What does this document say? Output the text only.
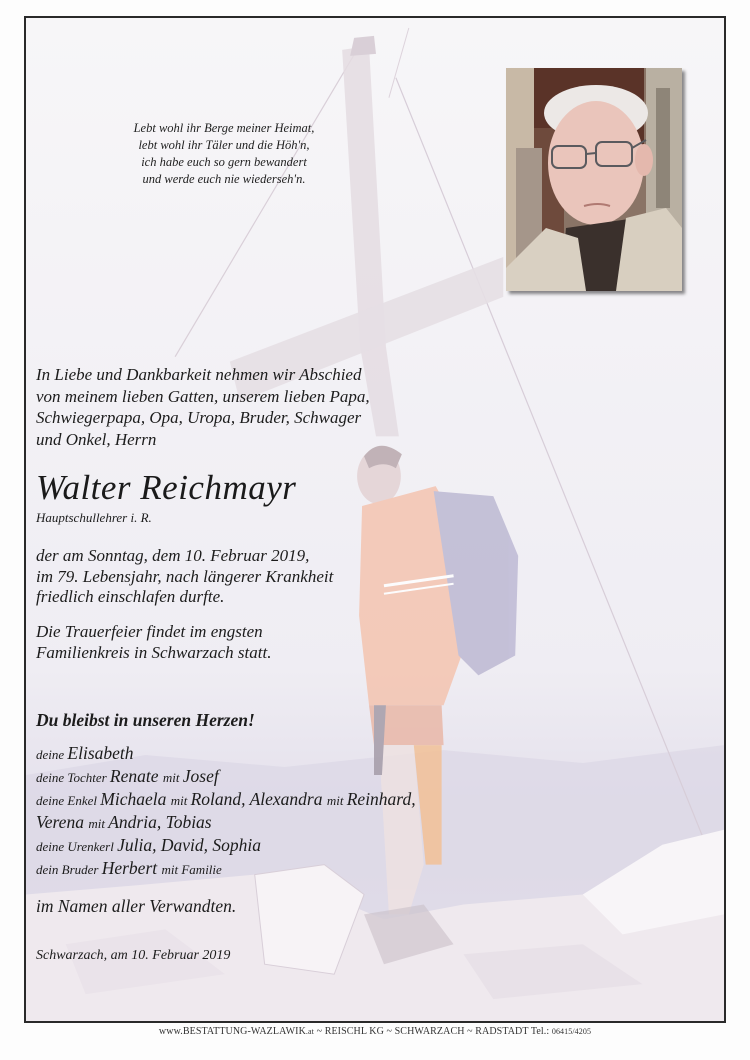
Lebt wohl ihr Berge meiner Heimat,
lebt wohl ihr Täler und die Höh'n,
ich habe euch so gern bewandert
und werde euch nie wiederseh'n.
In Liebe und Dankbarkeit nehmen wir Abschied
von meinem lieben Gatten, unserem lieben Papa,
Schwiegerpapa, Opa, Uropa, Bruder, Schwager
und Onkel, Herrn
Walter Reichmayr
Hauptschullehrer i. R.
der am Sonntag, dem 10. Februar 2019,
im 79. Lebensjahr, nach längerer Krankheit
friedlich einschlafen durfte.
Die Trauerfeier findet im engsten
Familienkreis in Schwarzach statt.
Du bleibst in unseren Herzen!
deine Elisabeth
deine Tochter Renate mit Josef
deine Enkel Michaela mit Roland, Alexandra mit Reinhard,
Verena mit Andria, Tobias
deine Urenkerl Julia, David, Sophia
dein Bruder Herbert mit Familie
im Namen aller Verwandten.
Schwarzach, am 10. Februar 2019
www.BESTATTUNG-WAZLAWIK.at ~ REISCHL KG ~ SCHWARZACH ~ RADSTADT Tel.: 06415/4205
